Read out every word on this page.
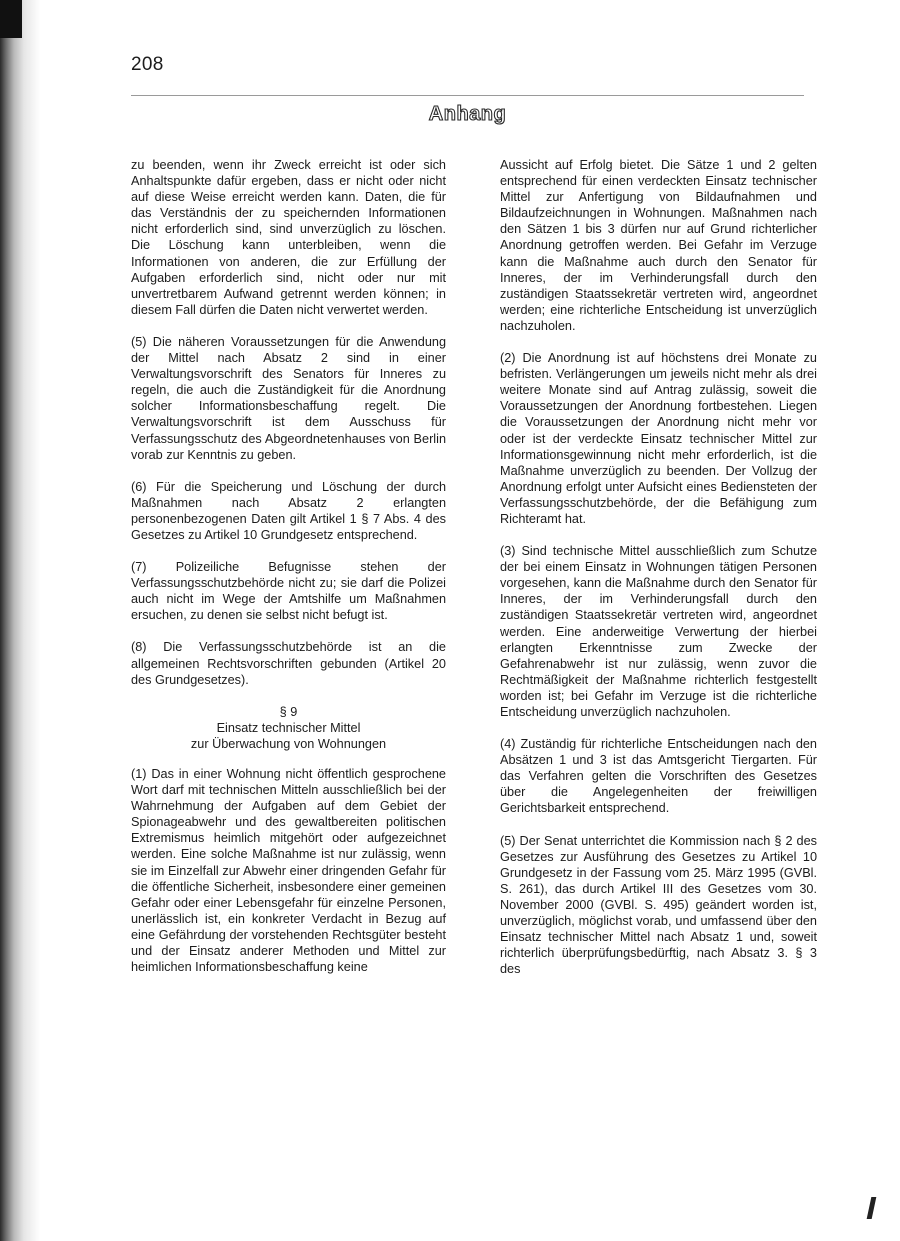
208
Anhang

zu beenden, wenn ihr Zweck erreicht ist oder sich Anhaltspunkte dafür ergeben, dass er nicht oder nicht auf diese Weise erreicht werden kann. Daten, die für das Verständnis der zu speichernden Informationen nicht erforderlich sind, sind unverzüglich zu löschen. Die Löschung kann unterbleiben, wenn die Informationen von anderen, die zur Erfüllung der Aufgaben erforderlich sind, nicht oder nur mit unvertretbarem Aufwand getrennt werden können; in diesem Fall dürfen die Daten nicht verwertet werden.

(5) Die näheren Voraussetzungen für die Anwendung der Mittel nach Absatz 2 sind in einer Verwaltungsvorschrift des Senators für Inneres zu regeln, die auch die Zuständigkeit für die Anordnung solcher Informationsbeschaffung regelt. Die Verwaltungsvorschrift ist dem Ausschuss für Verfassungsschutz des Abgeordnetenhauses von Berlin vorab zur Kenntnis zu geben.

(6) Für die Speicherung und Löschung der durch Maßnahmen nach Absatz 2 erlangten personenbezogenen Daten gilt Artikel 1 § 7 Abs. 4 des Gesetzes zu Artikel 10 Grundgesetz entsprechend.

(7) Polizeiliche Befugnisse stehen der Verfassungsschutzbehörde nicht zu; sie darf die Polizei auch nicht im Wege der Amtshilfe um Maßnahmen ersuchen, zu denen sie selbst nicht befugt ist.

(8) Die Verfassungsschutzbehörde ist an die allgemeinen Rechtsvorschriften gebunden (Artikel 20 des Grundgesetzes).

§ 9
Einsatz technischer Mittel
zur Überwachung von Wohnungen

(1) Das in einer Wohnung nicht öffentlich gesprochene Wort darf mit technischen Mitteln ausschließlich bei der Wahrnehmung der Aufgaben auf dem Gebiet der Spionageabwehr und des gewaltbereiten politischen Extremismus heimlich mitgehört oder aufgezeichnet werden. Eine solche Maßnahme ist nur zulässig, wenn sie im Einzelfall zur Abwehr einer dringenden Gefahr für die öffentliche Sicherheit, insbesondere einer gemeinen Gefahr oder einer Lebensgefahr für einzelne Personen, unerlässlich ist, ein konkreter Verdacht in Bezug auf eine Gefährdung der vorstehenden Rechtsgüter besteht und der Einsatz anderer Methoden und Mittel zur heimlichen Informationsbeschaffung keine

Aussicht auf Erfolg bietet. Die Sätze 1 und 2 gelten entsprechend für einen verdeckten Einsatz technischer Mittel zur Anfertigung von Bildaufnahmen und Bildaufzeichnungen in Wohnungen. Maßnahmen nach den Sätzen 1 bis 3 dürfen nur auf Grund richterlicher Anordnung getroffen werden. Bei Gefahr im Verzuge kann die Maßnahme auch durch den Senator für Inneres, der im Verhinderungsfall durch den zuständigen Staatssekretär vertreten wird, angeordnet werden; eine richterliche Entscheidung ist unverzüglich nachzuholen.

(2) Die Anordnung ist auf höchstens drei Monate zu befristen. Verlängerungen um jeweils nicht mehr als drei weitere Monate sind auf Antrag zulässig, soweit die Voraussetzungen der Anordnung fortbestehen. Liegen die Voraussetzungen der Anordnung nicht mehr vor oder ist der verdeckte Einsatz technischer Mittel zur Informationsgewinnung nicht mehr erforderlich, ist die Maßnahme unverzüglich zu beenden. Der Vollzug der Anordnung erfolgt unter Aufsicht eines Bediensteten der Verfassungsschutzbehörde, der die Befähigung zum Richteramt hat.

(3) Sind technische Mittel ausschließlich zum Schutze der bei einem Einsatz in Wohnungen tätigen Personen vorgesehen, kann die Maßnahme durch den Senator für Inneres, der im Verhinderungsfall durch den zuständigen Staatssekretär vertreten wird, angeordnet werden. Eine anderweitige Verwertung der hierbei erlangten Erkenntnisse zum Zwecke der Gefahrenabwehr ist nur zulässig, wenn zuvor die Rechtmäßigkeit der Maßnahme richterlich festgestellt worden ist; bei Gefahr im Verzuge ist die richterliche Entscheidung unverzüglich nachzuholen.

(4) Zuständig für richterliche Entscheidungen nach den Absätzen 1 und 3 ist das Amtsgericht Tiergarten. Für das Verfahren gelten die Vorschriften des Gesetzes über die Angelegenheiten der freiwilligen Gerichtsbarkeit entsprechend.

(5) Der Senat unterrichtet die Kommission nach § 2 des Gesetzes zur Ausführung des Gesetzes zu Artikel 10 Grundgesetz in der Fassung vom 25. März 1995 (GVBl. S. 261), das durch Artikel III des Gesetzes vom 30. November 2000 (GVBl. S. 495) geändert worden ist, unverzüglich, möglichst vorab, und umfassend über den Einsatz technischer Mittel nach Absatz 1 und, soweit richterlich überprüfungsbedürftig, nach Absatz 3. § 3 des
